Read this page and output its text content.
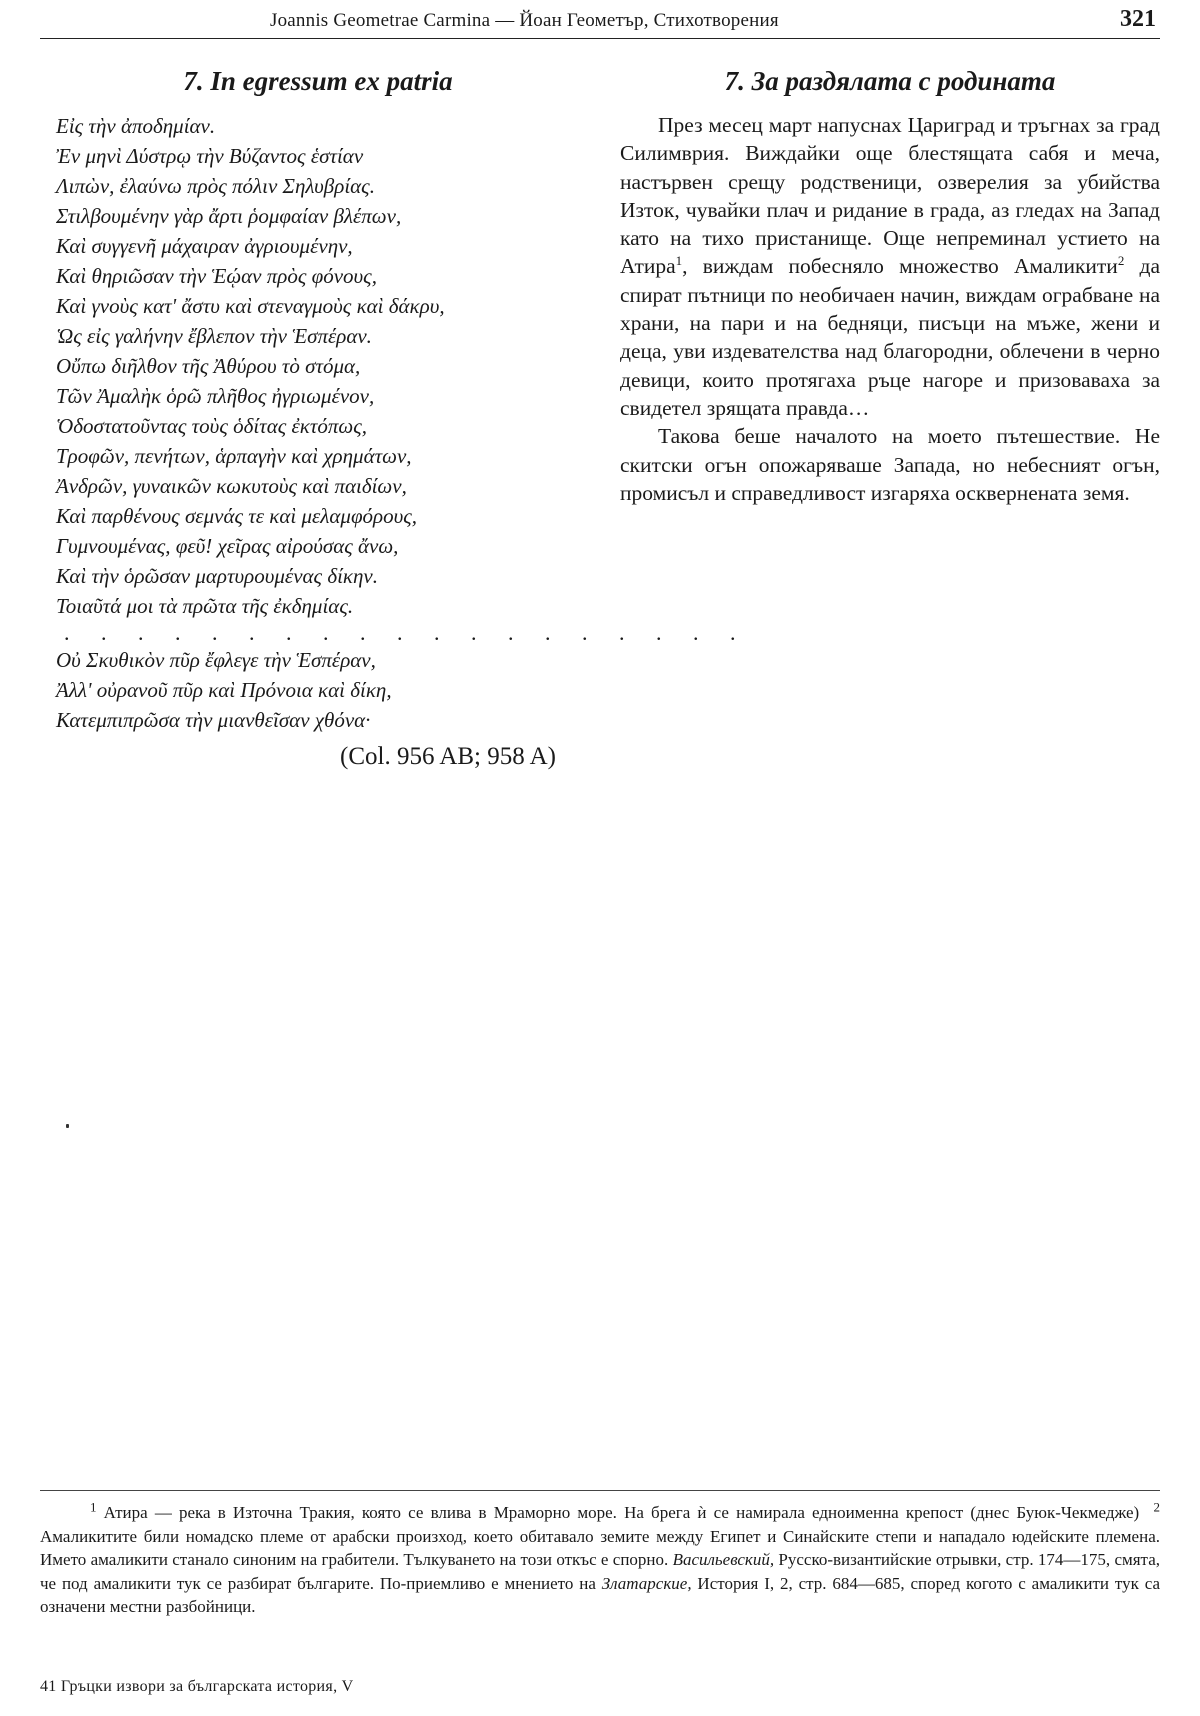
Joannis Geometrae Carmina — Йоан Геометър, Стихотворения	321
7. In egressum ex patria
Εἰς τὴν ἀποδημίαν.
Ἐν μηνὶ Δύστρῳ τὴν Βύζαντος ἑστίαν
Λιπὼν, ἐλαύνω πρὸς πόλιν Σηλυβρίας.
Στιλβουμένην γὰρ ἄρτι ῥομφαίαν βλέπων,
Καὶ συγγενῆ μάχαιραν ἀγριουμένην,
Καὶ θηριῶσαν τὴν Ἑῴαν πρὸς φόνους,
Καὶ γνοὺς κατ' ἄστυ καὶ στεναγμοὺς καὶ δάκρυ,
Ὡς εἰς γαλήνην ἔβλεπον τὴν Ἑσπέραν.
Οὔπω διῆλθον τῆς Ἀθύρου τὸ στόμα,
Τῶν Ἀμαλὴκ ὁρῶ πλῆθος ἠγριωμένον,
Ὁδοστατοῦντας τοὺς ὁδίτας ἐκτόπως,
Τροφῶν, πενήτων, ἁρπαγὴν καὶ χρημάτων,
Ἀνδρῶν, γυναικῶν κωκυτοὺς καὶ παιδίων,
Καὶ παρθένους σεμνάς τε καὶ μελαμφόρους,
Γυμνουμένας, φεῦ! χεῖρας αἰρούσας ἄνω,
Καὶ τὴν ὁρῶσαν μαρτυρουμένας δίκην.
Τοιαῦτά μοι τὰ πρῶτα τῆς ἐκδημίας.
. . . . . . . . . . . . . . . . . . .
Οὐ Σκυθικὸν πῦρ ἔφλεγε τὴν Ἑσπέραν,
Ἀλλ' οὐρανοῦ πῦρ καὶ Πρόνοια καὶ δίκη,
Κατεμπιπρῶσα τὴν μιανθεῖσαν χθόνα·
(Col. 956 AB; 958 A)
7. За раздялата с родината

През месец март напуснах Цариград и тръгнах за град Силимврия. Виждайки още блестящата сабя и меча, настървен срещу родственици, озверелия за убийства Изток, чувайки плач и ридание в града, аз гледах на Запад като на тихо пристанище. Още непреминал устието на Атира$^1$, виждам побесняло множество Амаликити$^2$ да спират пътници по необичаен начин, виждам ограбване на храни, на пари и на бедняци, писъци на мъже, жени и деца, уви издевателства над благородни, облечени в черно девици, които протягаха ръце нагоре и призоваваха за свидетел зрящата правда…

Такова беше началото на моето пътешествие. Не скитски огън опожаряваше Запада, но небесният огън, промисъл и справедливост изгаряха осквернената земя.

$^1$ Атира — река в Източна Тракия, която се влива в Мраморно море. На брега ѝ се намирала едноименна крепост (днес Буюк-Чекмедже) $^2$ Амаликитите били номадско племе от арабски произход, което обитавало земите между Египет и Синайските степи и нападало юдейските племена. Името амаликити станало синоним на грабители. Тълкуването на този откъс е спорно. Васильевский, Русско-византийские отрывки, стр. 174—175, смята, че под амаликити тук се разбират българите. По-приемливо е мнението на Златарские, История I, 2, стр. 684—685, според когото с амаликити тук са означени местни разбойници.

41 Гръцки извори за българската история, V
